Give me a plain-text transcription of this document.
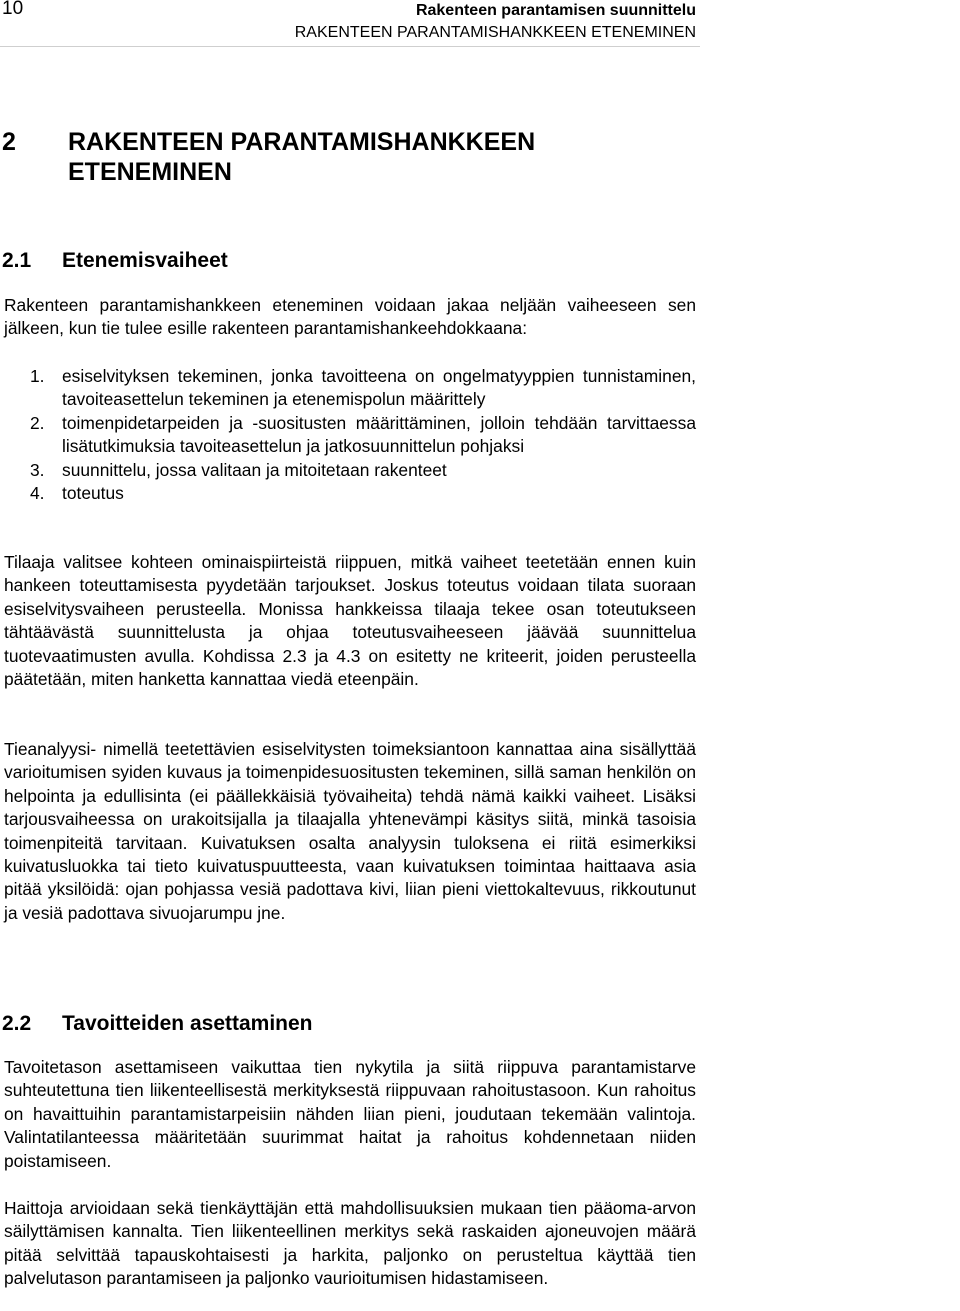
10	Rakenteen parantamisen suunnittelu
RAKENTEEN PARANTAMISHANKKEEN ETENEMINEN
2	RAKENTEEN PARANTAMISHANKKEEN
ETENEMINEN
2.1	Etenemisvaiheet

Rakenteen parantamishankkeen eteneminen voidaan jakaa neljään vaiheeseen sen jälkeen, kun tie tulee esille rakenteen parantamishankeehdokkaana:

1.	esiselvityksen tekeminen, jonka tavoitteena on ongelmatyyppien tunnistaminen, tavoiteasettelun tekeminen ja etenemispolun määrittely
2.	toimenpidetarpeiden ja -suositusten määrittäminen, jolloin tehdään tarvittaessa lisätutkimuksia tavoiteasettelun ja jatkosuunnittelun pohjaksi
3.	suunnittelu, jossa valitaan ja mitoitetaan rakenteet
4.	toteutus

Tilaaja valitsee kohteen ominaispiirteistä riippuen, mitkä vaiheet teetetään ennen kuin hankeen toteuttamisesta pyydetään tarjoukset. Joskus toteutus voidaan tilata suoraan esiselvitysvaiheen perusteella. Monissa hankkeissa tilaaja tekee osan toteutukseen tähtäävästä suunnittelusta ja ohjaa toteutusvaiheeseen jäävää suunnittelua tuotevaatimusten avulla. Kohdissa 2.3 ja 4.3 on esitetty ne kriteerit, joiden perusteella päätetään, miten hanketta kannattaa viedä eteenpäin.

Tieanalyysi- nimellä teetettävien esiselvitysten toimeksiantoon kannattaa aina sisällyttää varioitumisen syiden kuvaus ja toimenpidesuositusten tekeminen, sillä saman henkilön on helpointa ja edullisinta (ei päällekkäisiä työvaiheita) tehdä nämä kaikki vaiheet. Lisäksi tarjousvaiheessa on urakoitsijalla ja tilaajalla yhtenevämpi käsitys siitä, minkä tasoisia toimenpiteitä tarvitaan. Kuivatuksen osalta analyysin tuloksena ei riitä esimerkiksi kuivatusluokka tai tieto kuivatuspuutteesta, vaan kuivatuksen toimintaa haittaava asia pitää yksilöidä: ojan pohjassa vesiä padottava kivi, liian pieni viettokaltevuus, rikkoutunut ja vesiä padottava sivuojarumpu jne.

2.2	Tavoitteiden asettaminen

Tavoitetason asettamiseen vaikuttaa tien nykytila ja siitä riippuva parantamistarve suhteutettuna tien liikenteellisestä merkityksestä riippuvaan rahoitustasoon. Kun rahoitus on havaittuihin parantamistarpeisiin nähden liian pieni, joudutaan tekemään valintoja. Valintatilanteessa määritetään suurimmat haitat ja rahoitus kohdennetaan niiden poistamiseen.

Haittoja arvioidaan sekä tienkäyttäjän että mahdollisuuksien mukaan tien pääoma-arvon säilyttämisen kannalta. Tien liikenteellinen merkitys sekä raskaiden ajoneuvojen määrä pitää selvittää tapauskohtaisesti ja harkita, paljonko on perusteltua käyttää tien palvelutason parantamiseen ja paljonko vaurioitumisen hidastamiseen.
